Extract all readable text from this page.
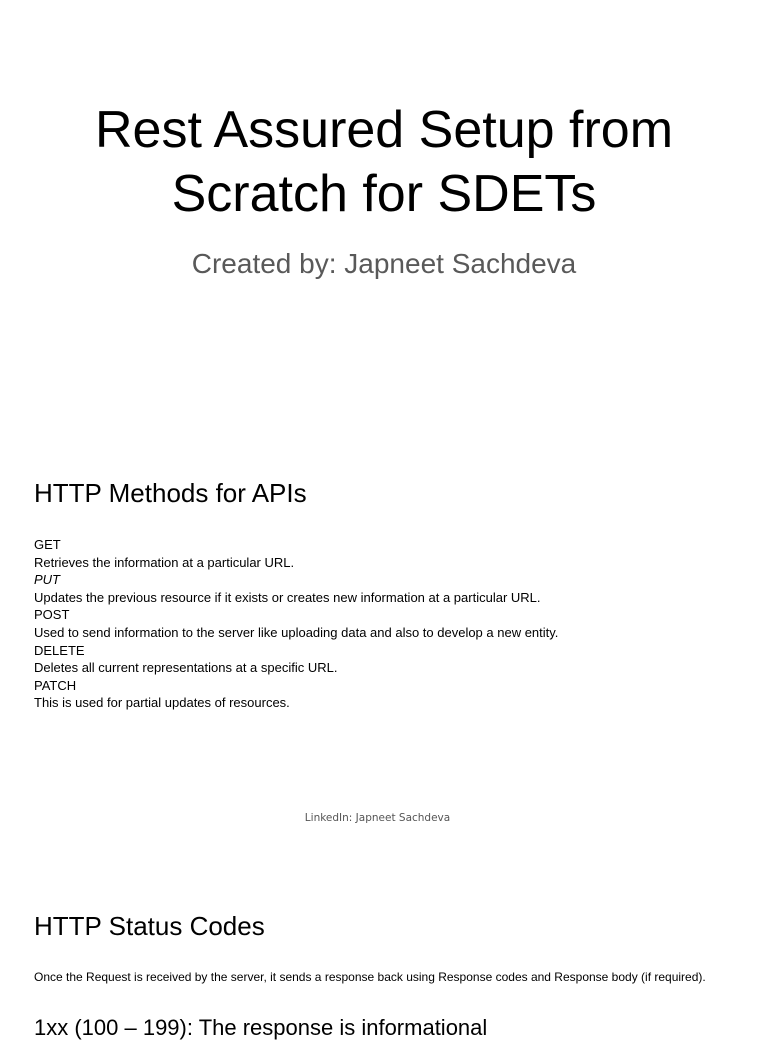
Rest Assured Setup from
Scratch for SDETs
Created by: Japneet Sachdeva
HTTP Methods for APIs
GET
Retrieves the information at a particular URL.
PUT
Updates the previous resource if it exists or creates new information at a particular URL.
POST
Used to send information to the server like uploading data and also to develop a new entity.
DELETE
Deletes all current representations at a specific URL.
PATCH
This is used for partial updates of resources.
LinkedIn: Japneet Sachdeva
HTTP Status Codes

Once the Request is received by the server, it sends a response back using Response codes and Response body (if required).

1xx (100 – 199): The response is informational
